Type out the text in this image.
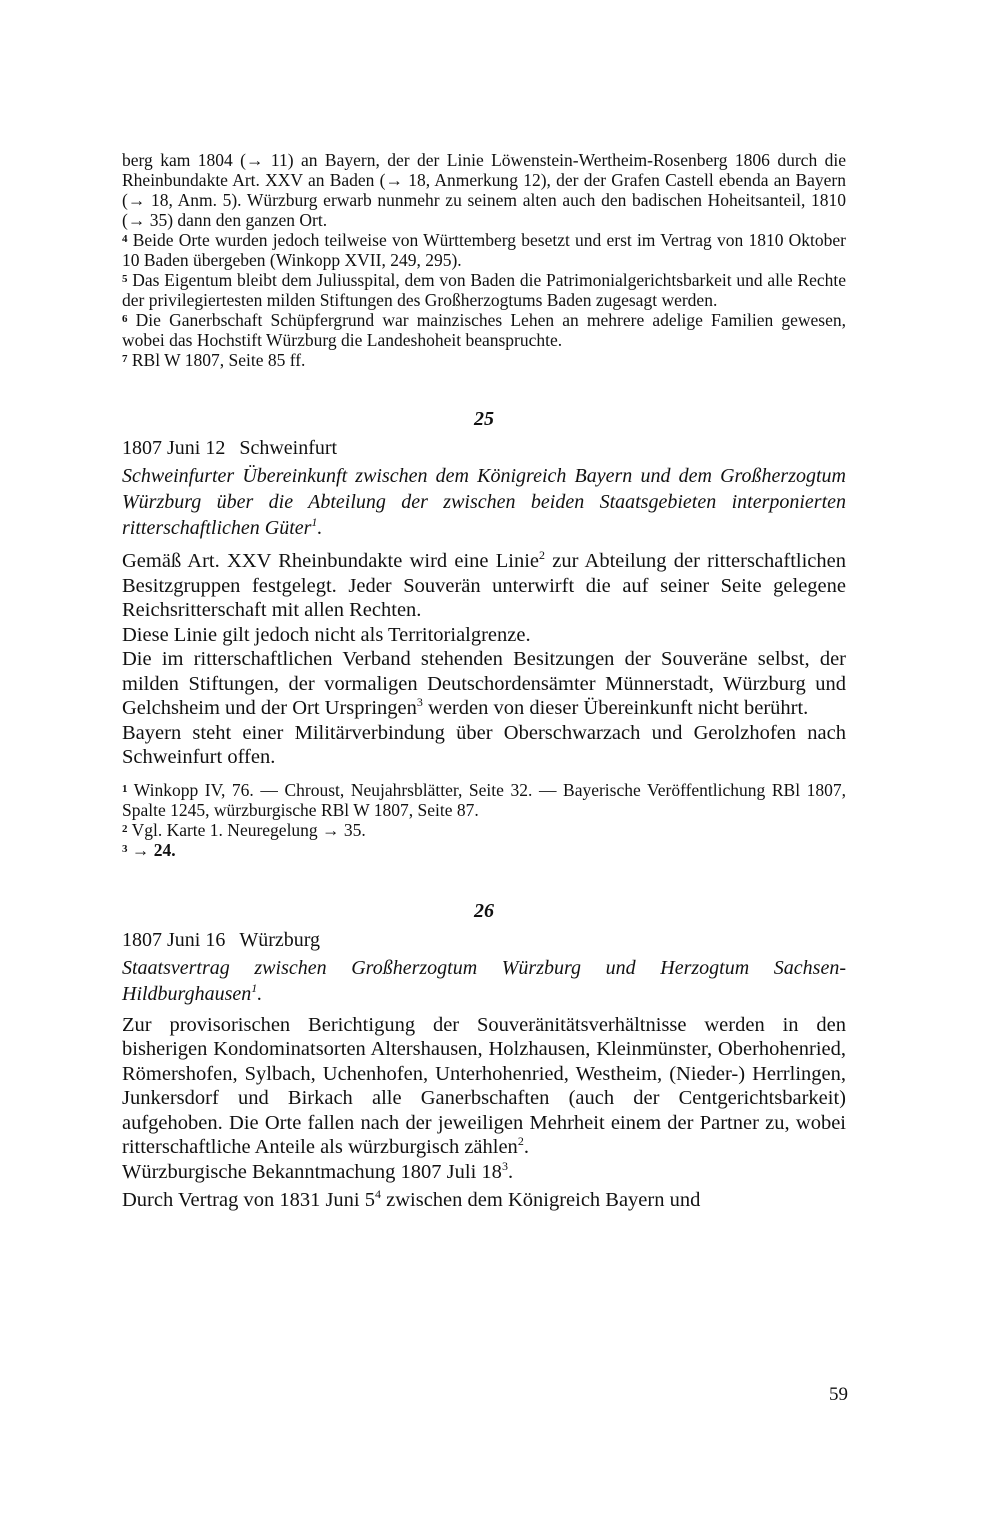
berg kam 1804 (→ 11) an Bayern, der der Linie Löwenstein-Wertheim-Rosenberg 1806 durch die Rheinbundakte Art. XXV an Baden (→ 18, Anmerkung 12), der der Grafen Castell ebenda an Bayern (→ 18, Anm. 5). Würzburg erwarb nunmehr zu seinem alten auch den badischen Hoheitsanteil, 1810 (→ 35) dann den ganzen Ort.

$^4$ Beide Orte wurden jedoch teilweise von Württemberg besetzt und erst im Vertrag von 1810 Oktober 10 Baden übergeben (Winkopp XVII, 249, 295).

$^5$ Das Eigentum bleibt dem Juliusspital, dem von Baden die Patrimonialgerichtsbarkeit und alle Rechte der privilegiertesten milden Stiftungen des Großherzogtums Baden zugesagt werden.

$^6$ Die Ganerbschaft Schüpfergrund war mainzisches Lehen an mehrere adelige Familien gewesen, wobei das Hochstift Würzburg die Landeshoheit beanspruchte.

$^7$ RBl W 1807, Seite 85 ff.

25

1807 Juni 12 Schweinfurt

Schweinfurter Übereinkunft zwischen dem Königreich Bayern und dem Großherzogtum Würzburg über die Abteilung der zwischen beiden Staatsgebieten interponierten ritterschaftlichen Güter$^1$.

Gemäß Art. XXV Rheinbundakte wird eine Linie$^2$ zur Abteilung der ritterschaftlichen Besitzgruppen festgelegt. Jeder Souverän unterwirft die auf seiner Seite gelegene Reichsritterschaft mit allen Rechten.

Diese Linie gilt jedoch nicht als Territorialgrenze.

Die im ritterschaftlichen Verband stehenden Besitzungen der Souveräne selbst, der milden Stiftungen, der vormaligen Deutschordensämter Münnerstadt, Würzburg und Gelchsheim und der Ort Urspringen$^3$ werden von dieser Übereinkunft nicht berührt.

Bayern steht einer Militärverbindung über Oberschwarzach und Gerolzhofen nach Schweinfurt offen.

$^1$ Winkopp IV, 76. — Chroust, Neujahrsblätter, Seite 32. — Bayerische Veröffentlichung RBl 1807, Spalte 1245, würzburgische RBl W 1807, Seite 87.

$^2$ Vgl. Karte 1. Neuregelung → 35.

$^3$ → 24.

26

1807 Juni 16 Würzburg

Staatsvertrag zwischen Großherzogtum Würzburg und Herzogtum Sachsen-Hildburghausen$^1$.

Zur provisorischen Berichtigung der Souveränitätsverhältnisse werden in den bisherigen Kondominatsorten Altershausen, Holzhausen, Kleinmünster, Oberhohenried, Römershofen, Sylbach, Uchenhofen, Unterhohenried, Westheim, (Nieder-) Herrlingen, Junkersdorf und Birkach alle Ganerbschaften (auch der Centgerichtsbarkeit) aufgehoben. Die Orte fallen nach der jeweiligen Mehrheit einem der Partner zu, wobei ritterschaftliche Anteile als würzburgisch zählen$^2$.

Würzburgische Bekanntmachung 1807 Juli $18^3$.

Durch Vertrag von 1831 Juni $5^4$ zwischen dem Königreich Bayern und

59
